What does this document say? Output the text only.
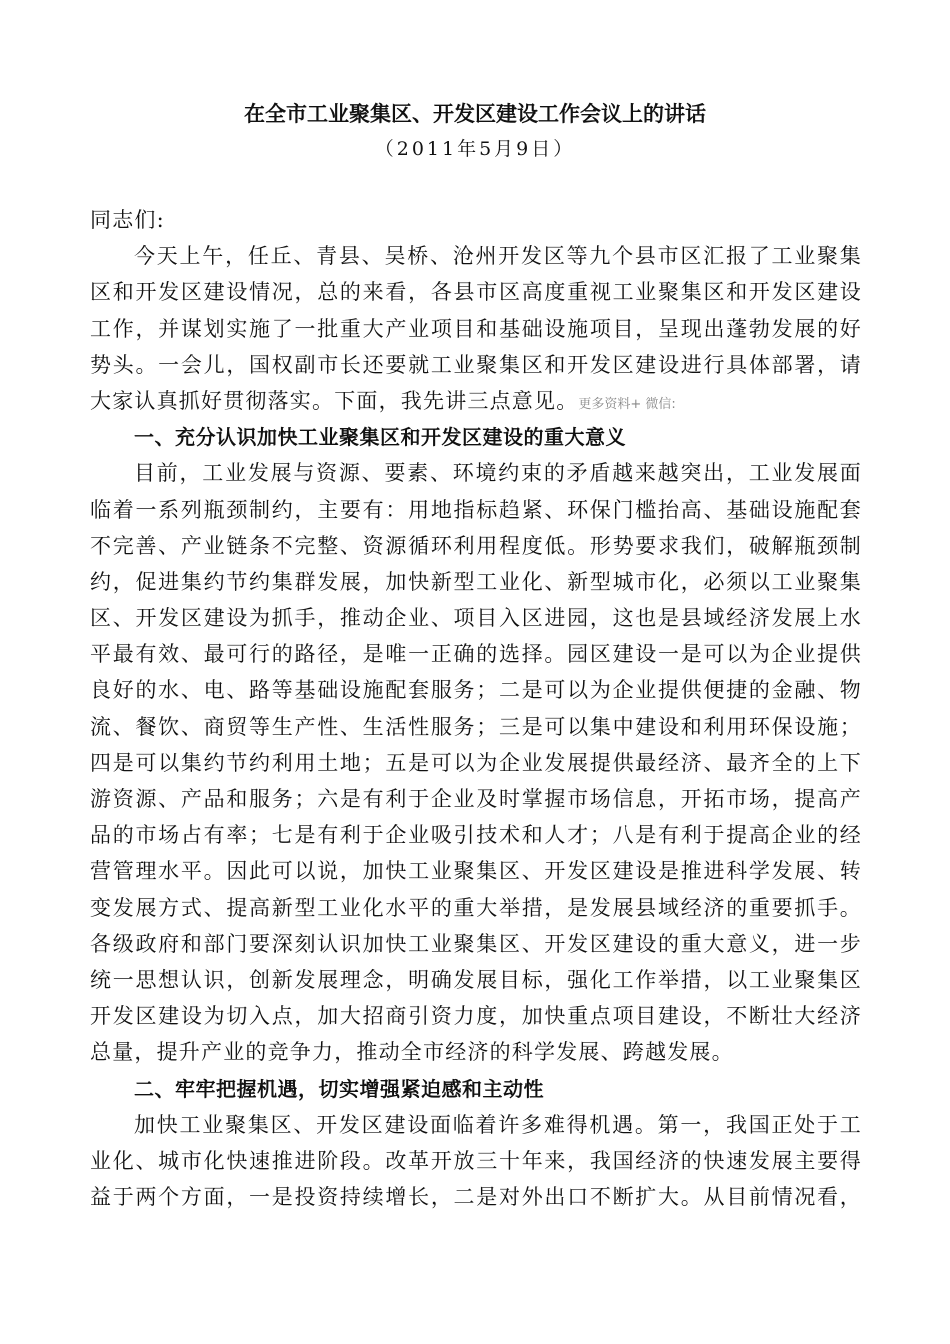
在全市工业聚集区、开发区建设工作会议上的讲话
（2011年5月9日）
同志们:
今天上午，任丘、青县、吴桥、沧州开发区等九个县市区汇报了工业聚集
区和开发区建设情况，总的来看，各县市区高度重视工业聚集区和开发区建设
工作，并谋划实施了一批重大产业项目和基础设施项目，呈现出蓬勃发展的好
势头。一会儿，国权副市长还要就工业聚集区和开发区建设进行具体部署，请
大家认真抓好贯彻落实。下面，我先讲三点意见。更多资料+ 微信:
一、充分认识加快工业聚集区和开发区建设的重大意义
目前，工业发展与资源、要素、环境约束的矛盾越来越突出，工业发展面
临着一系列瓶颈制约，主要有：用地指标趋紧、环保门槛抬高、基础设施配套
不完善、产业链条不完整、资源循环利用程度低。形势要求我们，破解瓶颈制
约，促进集约节约集群发展，加快新型工业化、新型城市化，必须以工业聚集
区、开发区建设为抓手，推动企业、项目入区进园，这也是县域经济发展上水
平最有效、最可行的路径，是唯一正确的选择。园区建设一是可以为企业提供
良好的水、电、路等基础设施配套服务；二是可以为企业提供便捷的金融、物
流、餐饮、商贸等生产性、生活性服务；三是可以集中建设和利用环保设施；
四是可以集约节约利用土地；五是可以为企业发展提供最经济、最齐全的上下
游资源、产品和服务；六是有利于企业及时掌握市场信息，开拓市场，提高产
品的市场占有率；七是有利于企业吸引技术和人才；八是有利于提高企业的经
营管理水平。因此可以说，加快工业聚集区、开发区建设是推进科学发展、转
变发展方式、提高新型工业化水平的重大举措，是发展县域经济的重要抓手。
各级政府和部门要深刻认识加快工业聚集区、开发区建设的重大意义，进一步
统一思想认识，创新发展理念，明确发展目标，强化工作举措，以工业聚集区
开发区建设为切入点，加大招商引资力度，加快重点项目建设，不断壮大经济
总量，提升产业的竞争力，推动全市经济的科学发展、跨越发展。
二、牢牢把握机遇，切实增强紧迫感和主动性
加快工业聚集区、开发区建设面临着许多难得机遇。第一，我国正处于工
业化、城市化快速推进阶段。改革开放三十年来，我国经济的快速发展主要得
益于两个方面，一是投资持续增长，二是对外出口不断扩大。从目前情况看，
